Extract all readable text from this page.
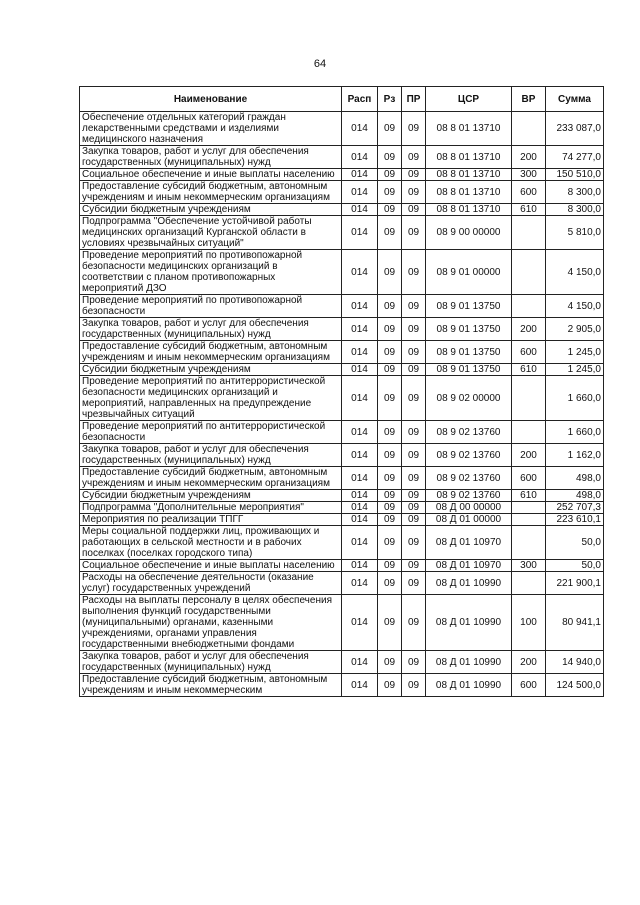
64
Наименование	Расп	Рз	ПР	ЦСР	ВР	Сумма
Обеспечение отдельных категорий граждан лекарственными средствами и изделиями медицинского назначения	014	09	09	08 8 01 13710		233 087,0
Закупка товаров, работ и услуг для обеспечения государственных (муниципальных) нужд	014	09	09	08 8 01 13710	200	74 277,0
Социальное обеспечение и иные выплаты населению	014	09	09	08 8 01 13710	300	150 510,0
Предоставление субсидий бюджетным, автономным учреждениям и иным некоммерческим организациям	014	09	09	08 8 01 13710	600	8 300,0
Субсидии бюджетным учреждениям	014	09	09	08 8 01 13710	610	8 300,0
Подпрограмма "Обеспечение устойчивой работы медицинских организаций Курганской области в условиях чрезвычайных ситуаций"	014	09	09	08 9 00 00000		5 810,0
Проведение мероприятий по противопожарной безопасности медицинских организаций в соответствии с планом противопожарных мероприятий ДЗО	014	09	09	08 9 01 00000		4 150,0
Проведение мероприятий по противопожарной безопасности	014	09	09	08 9 01 13750		4 150,0
Закупка товаров, работ и услуг для обеспечения государственных (муниципальных) нужд	014	09	09	08 9 01 13750	200	2 905,0
Предоставление субсидий бюджетным, автономным учреждениям и иным некоммерческим организациям	014	09	09	08 9 01 13750	600	1 245,0
Субсидии бюджетным учреждениям	014	09	09	08 9 01 13750	610	1 245,0
Проведение мероприятий по антитеррористической безопасности медицинских организаций и мероприятий, направленных на предупреждение чрезвычайных ситуаций	014	09	09	08 9 02 00000		1 660,0
Проведение мероприятий по антитеррористической безопасности	014	09	09	08 9 02 13760		1 660,0
Закупка товаров, работ и услуг для обеспечения государственных (муниципальных) нужд	014	09	09	08 9 02 13760	200	1 162,0
Предоставление субсидий бюджетным, автономным учреждениям и иным некоммерческим организациям	014	09	09	08 9 02 13760	600	498,0
Субсидии бюджетным учреждениям	014	09	09	08 9 02 13760	610	498,0
Подпрограмма "Дополнительные мероприятия"	014	09	09	08 Д 00 00000		252 707,3
Мероприятия по реализации ТПГГ	014	09	09	08 Д 01 00000		223 610,1
Меры социальной поддержки лиц, проживающих и работающих в сельской местности и в рабочих поселках (поселках городского типа)	014	09	09	08 Д 01 10970		50,0
Социальное обеспечение и иные выплаты населению	014	09	09	08 Д 01 10970	300	50,0
Расходы на обеспечение деятельности (оказание услуг) государственных учреждений	014	09	09	08 Д 01 10990		221 900,1
Расходы на выплаты персоналу в целях обеспечения выполнения функций государственными (муниципальными) органами, казенными учреждениями, органами управления государственными внебюджетными фондами	014	09	09	08 Д 01 10990	100	80 941,1
Закупка товаров, работ и услуг для обеспечения государственных (муниципальных) нужд	014	09	09	08 Д 01 10990	200	14 940,0
Предоставление субсидий бюджетным, автономным учреждениям и иным некоммерческим	014	09	09	08 Д 01 10990	600	124 500,0
